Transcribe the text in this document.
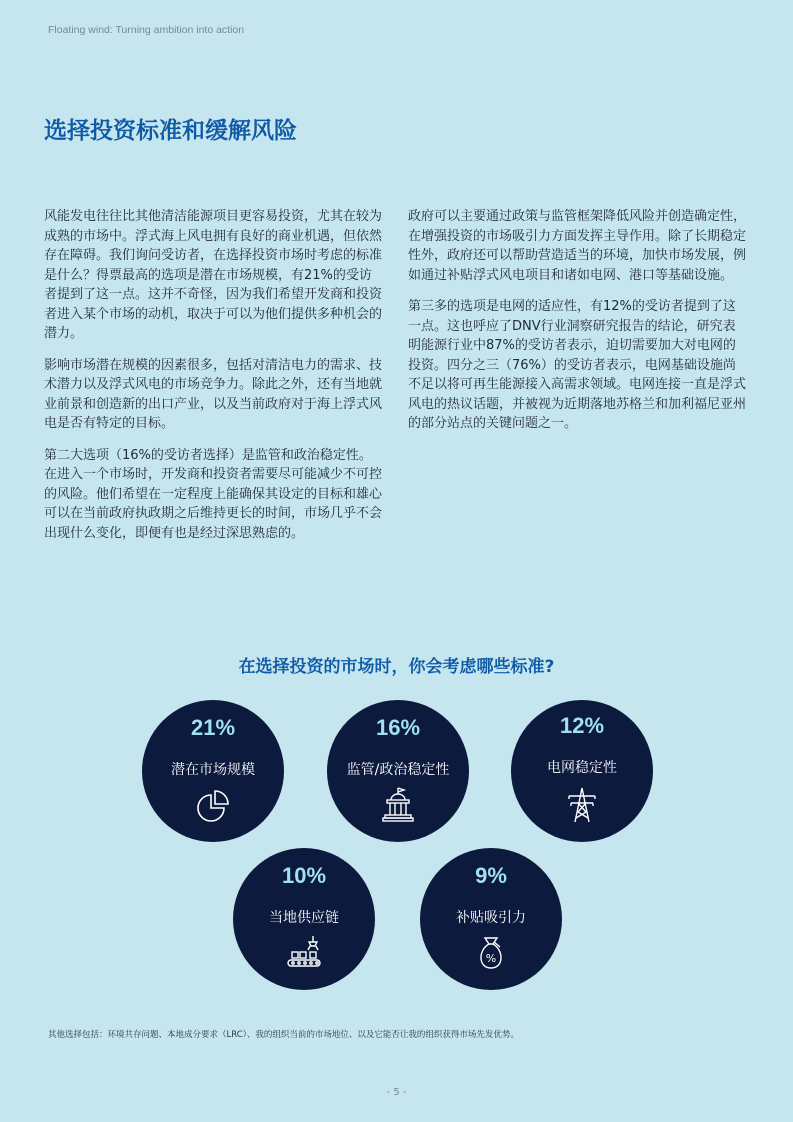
Floating wind: Turning ambition into action
选择投资标准和缓解风险

风能发电往往比其他清洁能源项目更容易投资，尤其在较为成熟的市场中。浮式海上风电拥有良好的商业机遇，但依然存在障碍。我们询问受访者，在选择投资市场时考虑的标准是什么？得票最高的选项是潜在市场规模，有21%的受访者提到了这一点。这并不奇怪，因为我们希望开发商和投资者进入某个市场的动机，取决于可以为他们提供多种机会的潜力。

影响市场潜在规模的因素很多，包括对清洁电力的需求、技术潜力以及浮式风电的市场竞争力。除此之外，还有当地就业前景和创造新的出口产业，以及当前政府对于海上浮式风电是否有特定的目标。

第二大选项（16%的受访者选择）是监管和政治稳定性。在进入一个市场时，开发商和投资者需要尽可能减少不可控的风险。他们希望在一定程度上能确保其设定的目标和雄心可以在当前政府执政期之后维持更长的时间，市场几乎不会出现什么变化，即便有也是经过深思熟虑的。

政府可以主要通过政策与监管框架降低风险并创造确定性，在增强投资的市场吸引力方面发挥主导作用。除了长期稳定性外，政府还可以帮助营造适当的环境，加快市场发展，例如通过补贴浮式风电项目和诸如电网、港口等基础设施。

第三多的选项是电网的适应性，有12%的受访者提到了这一点。这也呼应了DNV行业洞察研究报告的结论，研究表明能源行业中87%的受访者表示，迫切需要加大对电网的投资。四分之三（76%）的受访者表示，电网基础设施尚不足以将可再生能源接入高需求领域。电网连接一直是浮式风电的热议话题，并被视为近期落地苏格兰和加利福尼亚州的部分站点的关键问题之一。

在选择投资的市场时，你会考虑哪些标准?
21%
潜在市场规模
16%
监管/政治稳定性
12%
电网稳定性
10%
当地供应链
9%
补贴吸引力
%
其他选择包括：环境共存问题、本地成分要求（LRC）、我的组织当前的市场地位、以及它能否让我的组织获得市场先发优势。
- 5 -
